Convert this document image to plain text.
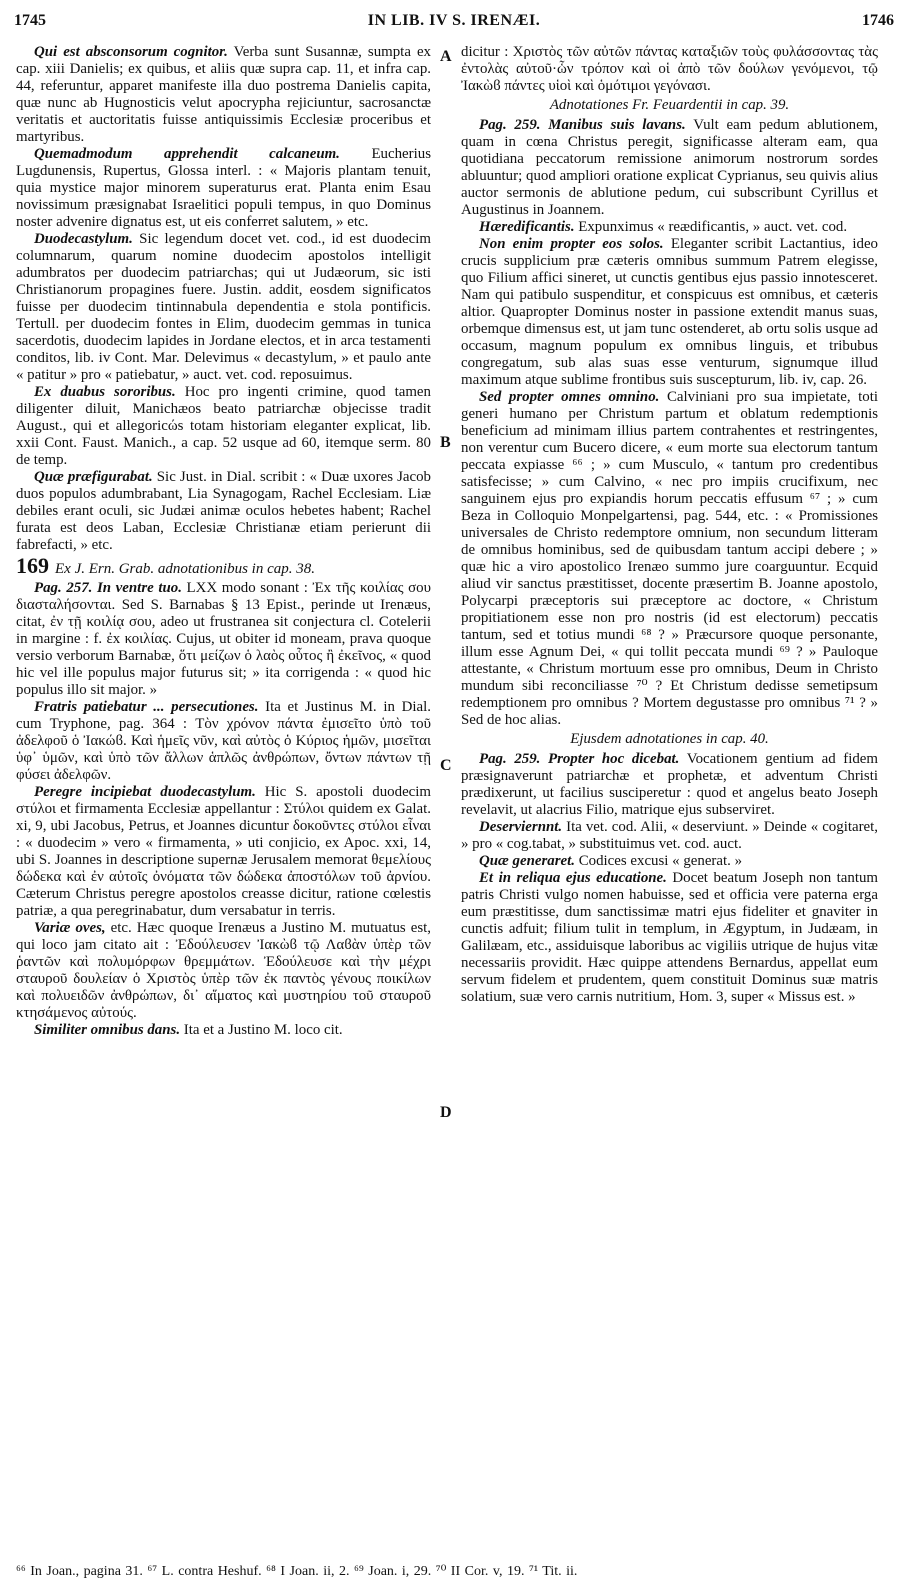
1745	IN LIB. IV S. IRENÆI.	1746
A
B
C
D

Qui est absconsorum cognitor. Verba sunt Susannæ, sumpta ex cap. xiii Danielis; ex quibus, et aliis quæ supra cap. 11, et infra cap. 44, referuntur, apparet manifeste illa duo postrema Danielis capita, quæ nunc ab Hugnosticis velut apocrypha rejiciuntur, sacrosanctæ veritatis et auctoritatis fuisse antiquissimis Ecclesiæ proceribus et martyribus.

Quemadmodum apprehendit calcaneum. Eucherius Lugdunensis, Rupertus, Glossa interl. : « Majoris plantam tenuit, quia mystice major minorem superaturus erat. Planta enim Esau novissimum præsignabat Israelitici populi tempus, in quo Dominus noster advenire dignatus est, ut eis conferret salutem, » etc.

Duodecastylum. Sic legendum docet vet. cod., id est duodecim columnarum, quarum nomine duodecim apostolos intelligit adumbratos per duodecim patriarchas; qui ut Judæorum, sic isti Christianorum propagines fuere. Justin. addit, eosdem significatos fuisse per duodecim tintinnabula dependentia e stola pontificis. Tertull. per duodecim fontes in Elim, duodecim gemmas in tunica sacerdotis, duodecim lapides in Jordane electos, et in arca testamenti conditos, lib. iv Cont. Mar. Delevimus « decastylum, » et paulo ante « patitur » pro « patiebatur, » auct. vet. cod. reposuimus.

Ex duabus sororibus. Hoc pro ingenti crimine, quod tamen diligenter diluit, Manichæos beato patriarchæ objecisse tradit August., qui et allegoricώs totam historiam eleganter explicat, lib. xxii Cont. Faust. Manich., a cap. 52 usque ad 60, itemque serm. 80 de temp.

Quæ præfigurabat. Sic Just. in Dial. scribit : « Duæ uxores Jacob duos populos adumbrabant, Lia Synagogam, Rachel Ecclesiam. Liæ debiles erant oculi, sic Judæi animæ oculos hebetes habent; Rachel furata est deos Laban, Ecclesiæ Christianæ etiam perierunt dii fabrefacti, » etc.

169 Ex J. Ern. Grab. adnotationibus in cap. 38.

Pag. 257. In ventre tuo. LXX modo sonant : Ἐx τῆς κοιλίας σου διασταλήσονται. Sed S. Barnabas § 13 Epist., perinde ut Irenæus, citat, ἐν τῇ κοιλίᾳ σου, adeo ut frustranea sit conjectura cl. Cotelerii in margine : f. ἐx κοιλίας. Cujus, ut obiter id moneam, prava quoque versio verborum Barnabæ, ὅτι μείζων ὁ λαὸς οὗτος ἢ ἐκεῖνος, « quod hic vel ille populus major futurus sit; » ita corrigenda : « quod hic populus illo sit major. »

Fratris patiebatur ... persecutiones. Ita et Justinus M. in Dial. cum Tryphone, pag. 364 : Τὸν χρόνον πάντα ἐμισεῖτο ὑπὸ τοῦ ἀδελφοῦ ὁ Ἰακώϐ. Καὶ ἡμεῖς νῦν, καὶ αὐτὸς ὁ Κύριος ἡμῶν, μισεῖται ὑφ᾽ ὑμῶν, καὶ ὑπὸ τῶν ἄλλων ἁπλῶς ἀνθρώπων, ὄντων πάντων τῇ φύσει ἀδελφῶν.

Peregre incipiebat duodecastylum. Hic S. apostoli duodecim στύλοι et firmamenta Ecclesiæ appellantur : Στύλοι quidem ex Galat. xi, 9, ubi Jacobus, Petrus, et Joannes dicuntur δοκοῦντες στύλοι εἶναι : « duodecim » vero « firmamenta, » uti conjicio, ex Apoc. xxi, 14, ubi S. Joannes in descriptione supernæ Jerusalem memorat θεμελίους δώδεκα καὶ ἐν αὐτοῖς ὀνόματα τῶν δώδεκα ἀποστόλων τοῦ ἀρνίου. Cæterum Christus peregre apostolos creasse dicitur, ratione cœlestis patriæ, a qua peregrinabatur, dum versabatur in terris.

Variæ oves, etc. Hæc quoque Irenæus a Justino M. mutuatus est, qui loco jam citato ait : Ἐδούλευσεν Ἰακὼϐ τῷ Λαϐὰν ὑπὲρ τῶν ῥαντῶν καὶ πολυμόρφων θρεμμάτων. Ἐδούλευσε καὶ τὴν μέχρι σταυροῦ δουλείαν ὁ Χριστὸς ὑπὲρ τῶν ἐκ παντὸς γένους ποικίλων καὶ πολυειδῶν ἀνθρώπων, δι᾽ αἵματος καὶ μυστηρίου τοῦ σταυροῦ κτησάμενος αὐτούς.

Similiter omnibus dans. Ita et a Justino M. loco cit.

dicitur : Χριστὸς τῶν αὐτῶν πάντας καταξιῶν τοὺς φυλάσσοντας τὰς ἐντολὰς αὐτοῦ·ὧν τρόπον καὶ οἱ ἀπὸ τῶν δούλων γενόμενοι, τῷ Ἰακὼϐ πάντες υἱοὶ καὶ ὁμότιμοι γεγόνασι.

Adnotationes Fr. Feuardentii in cap. 39.

Pag. 259. Manibus suis lavans. Vult eam pedum ablutionem, quam in cœna Christus peregit, significasse alteram eam, qua quotidiana peccatorum remissione animorum nostrorum sordes abluuntur; quod ampliori oratione explicat Cyprianus, seu quivis alius auctor sermonis de ablutione pedum, cui subscribunt Cyrillus et Augustinus in Joannem.

Hæredificantis. Expunximus « reædificantis, » auct. vet. cod.

Non enim propter eos solos. Eleganter scribit Lactantius, ideo crucis supplicium præ cæteris omnibus summum Patrem elegisse, quo Filium affici sineret, ut cunctis gentibus ejus passio innotesceret. Nam qui patibulo suspenditur, et conspicuus est omnibus, et cæteris altior. Quapropter Dominus noster in passione extendit manus suas, orbemque dimensus est, ut jam tunc ostenderet, ab ortu solis usque ad occasum, magnum populum ex omnibus linguis, et tribubus congregatum, sub alas suas esse venturum, signumque illud maximum atque sublime frontibus suis suscepturum, lib. iv, cap. 26.

Sed propter omnes omnino. Calviniani pro sua impietate, toti generi humano per Christum partum et oblatum redemptionis beneficium ad minimam illius partem contrahentes et restringentes, non verentur cum Bucero dicere, « eum morte sua electorum tantum peccata expiasse ⁶⁶ ; » cum Musculo, « tantum pro credentibus satisfecisse; » cum Calvino, « nec pro impiis crucifixum, nec sanguinem ejus pro expiandis horum peccatis effusum ⁶⁷ ; » cum Beza in Colloquio Monpelgartensi, pag. 544, etc. : « Promissiones universales de Christo redemptore omnium, non secundum litteram de omnibus hominibus, sed de quibusdam tantum accipi debere ; » quæ hic a viro apostolico Irenæo summo jure coarguuntur. Ecquid aliud vir sanctus præstitisset, docente præsertim B. Joanne apostolo, Polycarpi præceptoris sui præceptore ac doctore, « Christum propitiationem esse non pro nostris (id est electorum) peccatis tantum, sed et totius mundi ⁶⁸ ? » Præcursore quoque personante, illum esse Agnum Dei, « qui tollit peccata mundi ⁶⁹ ? » Pauloque attestante, « Christum mortuum esse pro omnibus, Deum in Christo mundum sibi reconciliasse ⁷⁰ ? Et Christum dedisse semetipsum redemptionem pro omnibus ? Mortem degustasse pro omnibus ⁷¹ ? » Sed de hoc alias.

Ejusdem adnotationes in cap. 40.

Pag. 259. Propter hoc dicebat. Vocationem gentium ad fidem præsignaverunt patriarchæ et prophetæ, et adventum Christi prædixerunt, ut facilius susciperetur : quod et angelus beato Joseph revelavit, ut alacrius Filio, matrique ejus subserviret.

Deserviernnt. Ita vet. cod. Alii, « deserviunt. » Deinde « cogitaret, » pro « cog.tabat, » substituimus vet. cod. auct.

Quæ generaret. Codices excusi « generat. »

Et in reliqua ejus educatione. Docet beatum Joseph non tantum patris Christi vulgo nomen habuisse, sed et officia vere paterna erga eum præstitisse, dum sanctissimæ matri ejus fideliter et gnaviter in cunctis adfuit; filium tulit in templum, in Ægyptum, in Judæam, in Galilæam, etc., assiduisque laboribus ac vigiliis utrique de hujus vitæ necessariis providit. Hæc quippe attendens Bernardus, appellat eum servum fidelem et prudentem, quem constituit Dominus suæ matris solatium, suæ vero carnis nutritium, Hom. 3, super « Missus est. »

⁶⁶ In Joan., pagina 31. ⁶⁷ L. contra Heshuf. ⁶⁸ I Joan. ii, 2. ⁶⁹ Joan. i, 29. ⁷⁰ II Cor. v, 19. ⁷¹ Tit. ii.
